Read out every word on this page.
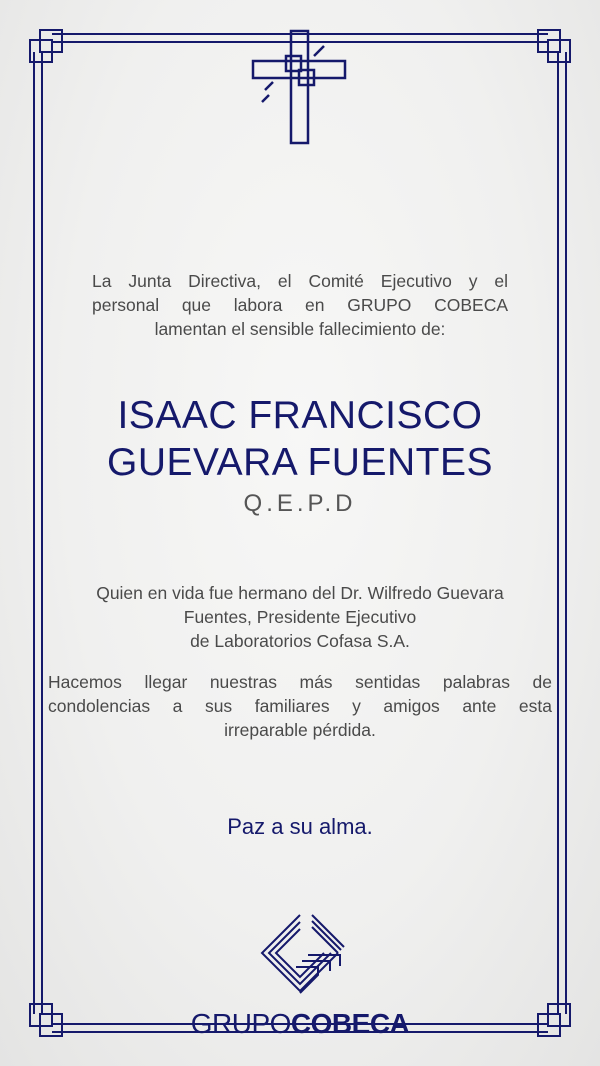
La Junta Directiva, el Comité Ejecutivo y el
personal que labora en GRUPO COBECA
lamentan el sensible fallecimiento de:
ISAAC FRANCISCO
GUEVARA FUENTES
Q.E.P.D
Quien en vida fue hermano del Dr. Wilfredo Guevara
Fuentes, Presidente Ejecutivo
de Laboratorios Cofasa S.A.
Hacemos llegar nuestras más sentidas palabras de
condolencias a sus familiares y amigos ante esta
irreparable pérdida.
Paz a su alma.
GRUPOCOBECA
